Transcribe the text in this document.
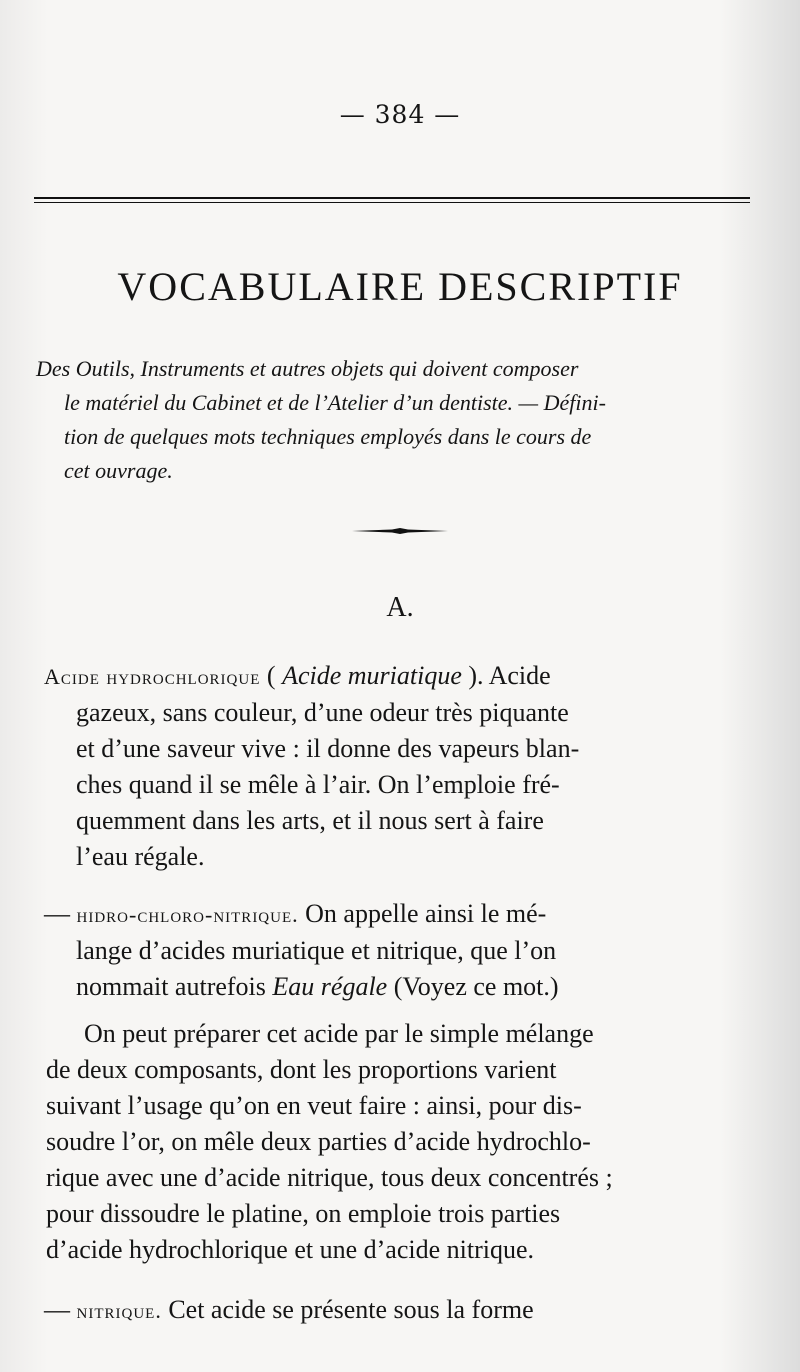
— 384 —
VOCABULAIRE DESCRIPTIF

Des Outils, Instruments et autres objets qui doivent composer

le matériel du Cabinet et de l’Atelier d’un dentiste. — Défini-

tion de quelques mots techniques employés dans le cours de

cet ouvrage.

A.

Acide hydrochlorique ( Acide muriatique ). Acide
gazeux, sans couleur, d’une odeur très piquante
et d’une saveur vive : il donne des vapeurs blan-
ches quand il se mêle à l’air. On l’emploie fré-
quemment dans les arts, et il nous sert à faire
l’eau régale.

— hidro-chloro-nitrique. On appelle ainsi le mé-
lange d’acides muriatique et nitrique, que l’on
nommait autrefois Eau régale (Voyez ce mot.)

On peut préparer cet acide par le simple mélange
de deux composants, dont les proportions varient
suivant l’usage qu’on en veut faire : ainsi, pour dis-
soudre l’or, on mêle deux parties d’acide hydrochlo-
rique avec une d’acide nitrique, tous deux concentrés ;
pour dissoudre le platine, on emploie trois parties
d’acide hydrochlorique et une d’acide nitrique.

— nitrique. Cet acide se présente sous la forme
